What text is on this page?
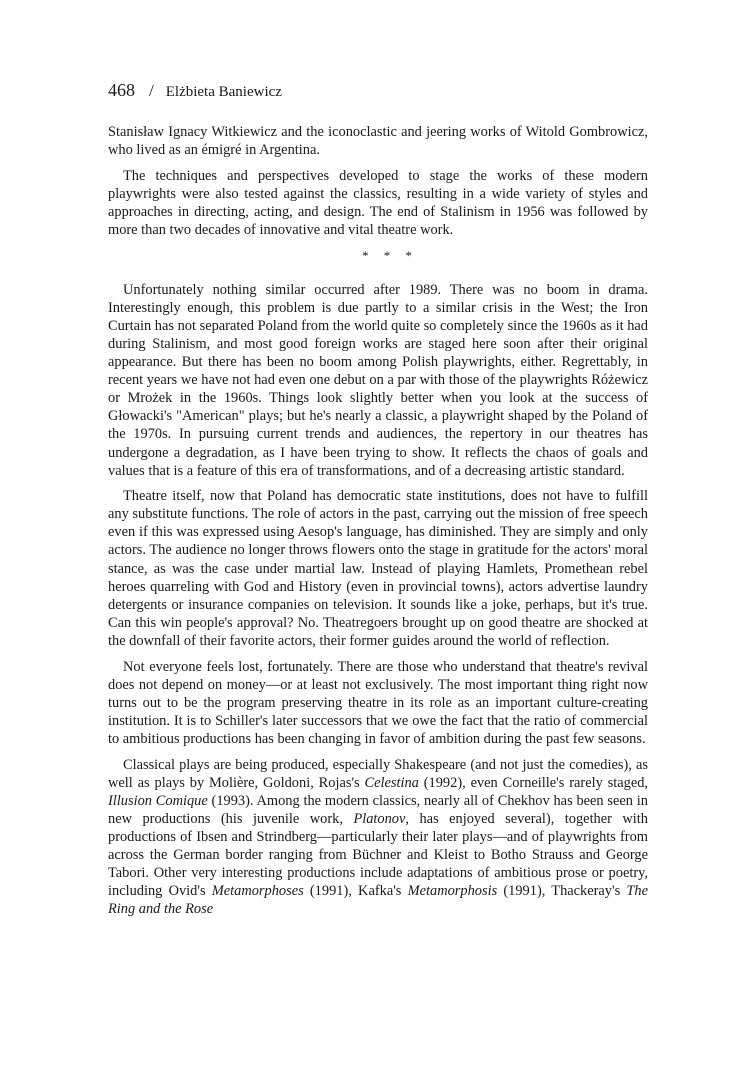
468 / Elżbieta Baniewicz

Stanisław Ignacy Witkiewicz and the iconoclastic and jeering works of Witold Gombrowicz, who lived as an émigré in Argentina.

The techniques and perspectives developed to stage the works of these modern playwrights were also tested against the classics, resulting in a wide variety of styles and approaches in directing, acting, and design. The end of Stalinism in 1956 was followed by more than two decades of innovative and vital theatre work.

* * *

Unfortunately nothing similar occurred after 1989. There was no boom in drama. Interestingly enough, this problem is due partly to a similar crisis in the West; the Iron Curtain has not separated Poland from the world quite so completely since the 1960s as it had during Stalinism, and most good foreign works are staged here soon after their original appearance. But there has been no boom among Polish playwrights, either. Regrettably, in recent years we have not had even one debut on a par with those of the playwrights Różewicz or Mrożek in the 1960s. Things look slightly better when you look at the success of Głowacki's "American" plays; but he's nearly a classic, a playwright shaped by the Poland of the 1970s. In pursuing current trends and audiences, the repertory in our theatres has undergone a degradation, as I have been trying to show. It reflects the chaos of goals and values that is a feature of this era of transformations, and of a decreasing artistic standard.

Theatre itself, now that Poland has democratic state institutions, does not have to fulfill any substitute functions. The role of actors in the past, carrying out the mission of free speech even if this was expressed using Aesop's language, has diminished. They are simply and only actors. The audience no longer throws flowers onto the stage in gratitude for the actors' moral stance, as was the case under martial law. Instead of playing Hamlets, Promethean rebel heroes quarreling with God and History (even in provincial towns), actors advertise laundry detergents or insurance companies on television. It sounds like a joke, perhaps, but it's true. Can this win people's approval? No. Theatregoers brought up on good theatre are shocked at the downfall of their favorite actors, their former guides around the world of reflection.

Not everyone feels lost, fortunately. There are those who understand that theatre's revival does not depend on money—or at least not exclusively. The most important thing right now turns out to be the program preserving theatre in its role as an important culture-creating institution. It is to Schiller's later successors that we owe the fact that the ratio of commercial to ambitious productions has been changing in favor of ambition during the past few seasons.

Classical plays are being produced, especially Shakespeare (and not just the comedies), as well as plays by Molière, Goldoni, Rojas's Celestina (1992), even Corneille's rarely staged, Illusion Comique (1993). Among the modern classics, nearly all of Chekhov has been seen in new productions (his juvenile work, Platonov, has enjoyed several), together with productions of Ibsen and Strindberg—particularly their later plays—and of playwrights from across the German border ranging from Büchner and Kleist to Botho Strauss and George Tabori. Other very interesting productions include adaptations of ambitious prose or poetry, including Ovid's Metamorphoses (1991), Kafka's Metamorphosis (1991), Thackeray's The Ring and the Rose
